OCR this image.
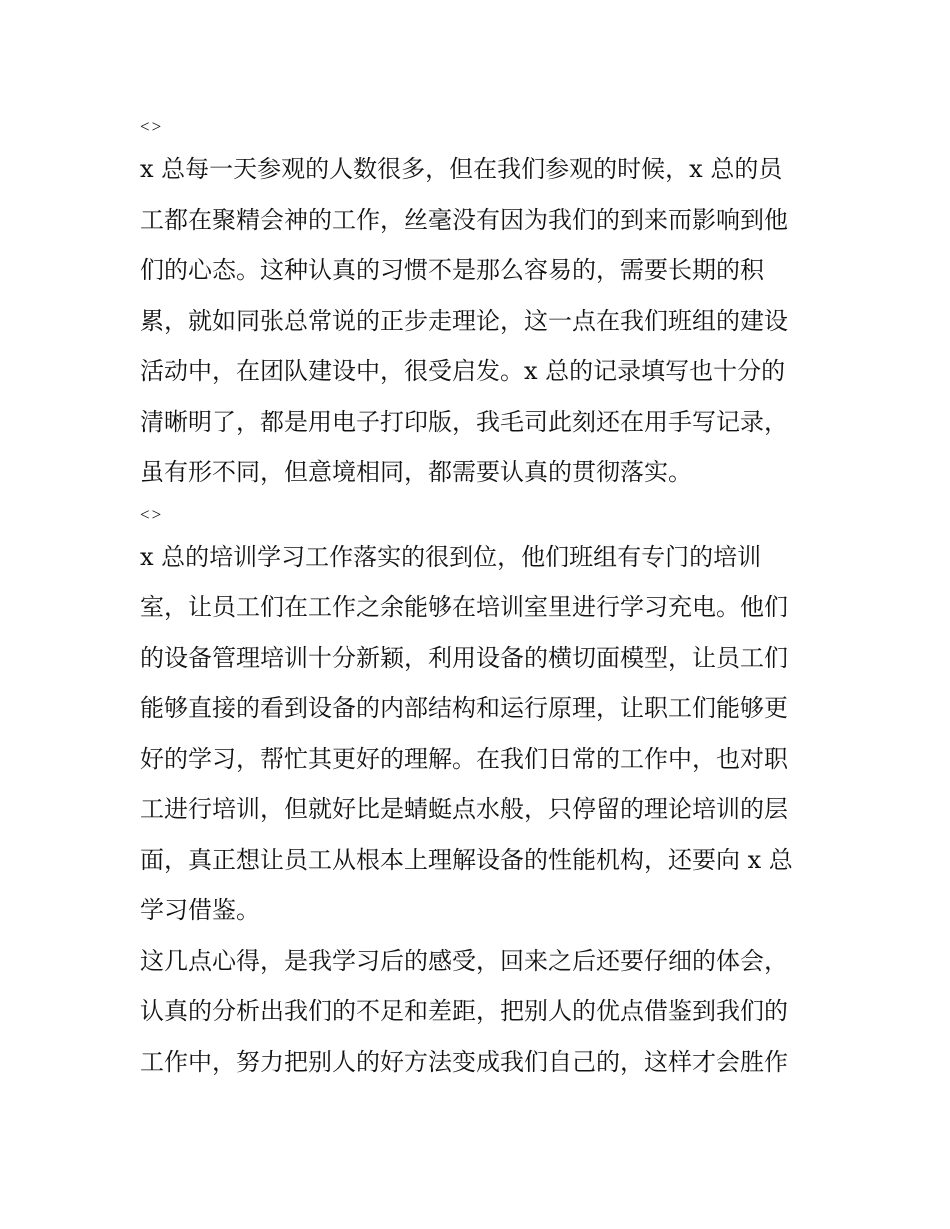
<>

x 总每一天参观的人数很多，但在我们参观的时候，x 总的员
工都在聚精会神的工作，丝毫没有因为我们的到来而影响到他
们的心态。这种认真的习惯不是那么容易的，需要长期的积
累，就如同张总常说的正步走理论，这一点在我们班组的建设
活动中，在团队建设中，很受启发。x 总的记录填写也十分的
清晰明了，都是用电子打印版，我毛司此刻还在用手写记录，
虽有形不同，但意境相同，都需要认真的贯彻落实。

<>

x 总的培训学习工作落实的很到位，他们班组有专门的培训
室，让员工们在工作之余能够在培训室里进行学习充电。他们
的设备管理培训十分新颖，利用设备的横切面模型，让员工们
能够直接的看到设备的内部结构和运行原理，让职工们能够更
好的学习，帮忙其更好的理解。在我们日常的工作中，也对职
工进行培训，但就好比是蜻蜓点水般，只停留的理论培训的层
面，真正想让员工从根本上理解设备的性能机构，还要向 x 总
学习借鉴。

这几点心得，是我学习后的感受，回来之后还要仔细的体会，
认真的分析出我们的不足和差距，把别人的优点借鉴到我们的
工作中，努力把别人的好方法变成我们自己的，这样才会胜作
